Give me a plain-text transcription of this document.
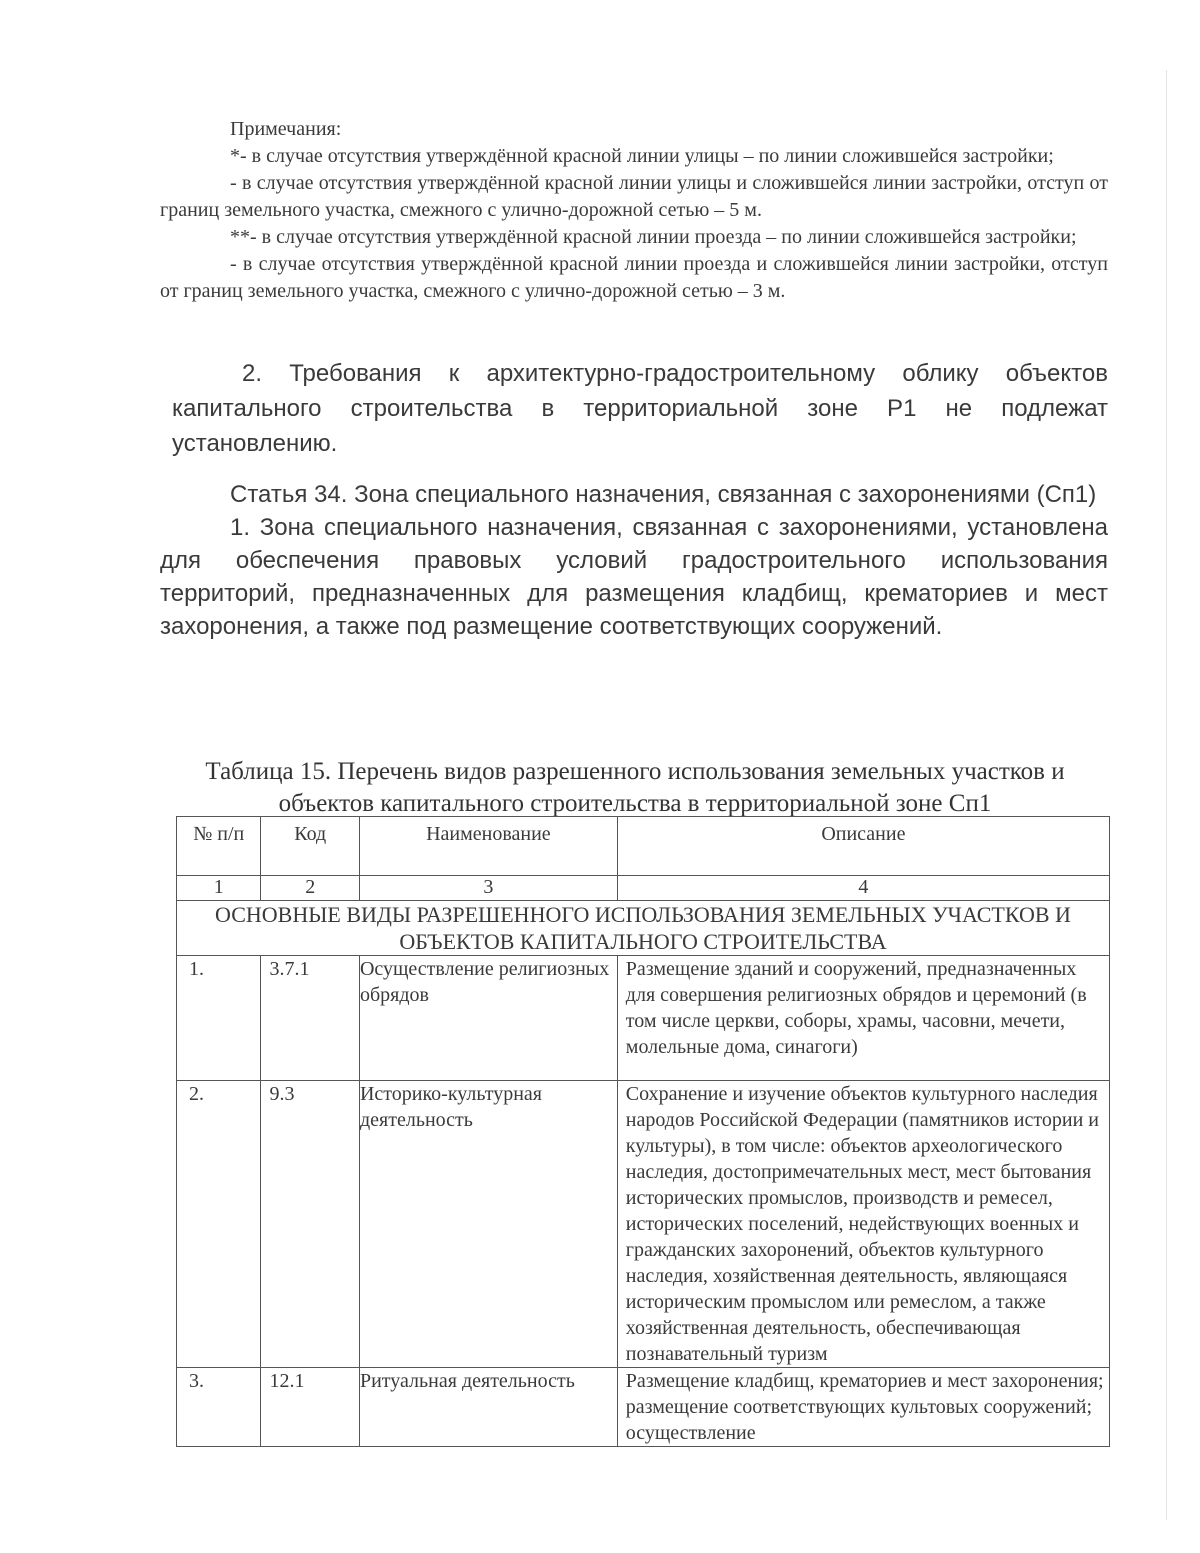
Примечания:

*- в случае отсутствия утверждённой красной линии улицы – по линии сложившейся застройки;

- в случае отсутствия утверждённой красной линии улицы и сложившейся линии застройки, отступ от границ земельного участка, смежного с улично-дорожной сетью – 5 м.

**- в случае отсутствия утверждённой красной линии проезда – по линии сложившейся застройки;

- в случае отсутствия утверждённой красной линии проезда и сложившейся линии застройки, отступ от границ земельного участка, смежного с улично-дорожной сетью – 3 м.

2. Требования к архитектурно-градостроительному облику объектов капитального строительства в территориальной зоне Р1 не подлежат установлению.

Статья 34. Зона специального назначения, связанная с захоронениями (Сп1)

1. Зона специального назначения, связанная с захоронениями, установлена для обеспечения правовых условий градостроительного использования территорий, предназначенных для размещения кладбищ, крематориев и мест захоронения, а также под размещение соответствующих сооружений.

Таблица 15. Перечень видов разрешенного использования земельных участков и объектов капитального строительства в территориальной зоне Сп1
№ п/п	Код	Наименование	Описание
1	2	3	4
ОСНОВНЫЕ ВИДЫ РАЗРЕШЕННОГО ИСПОЛЬЗОВАНИЯ ЗЕМЕЛЬНЫХ УЧАСТКОВ И ОБЪЕКТОВ КАПИТАЛЬНОГО СТРОИТЕЛЬСТВА			
1.	3.7.1	Осуществление религиозных обрядов	Размещение зданий и сооружений, предназначенных для совершения религиозных обрядов и церемоний (в том числе церкви, соборы, храмы, часовни, мечети, молельные дома, синагоги)
2.	9.3	Историко-культурная деятельность	Сохранение и изучение объектов культурного наследия народов Российской Федерации (памятников истории и культуры), в том числе: объектов археологического наследия, достопримечательных мест, мест бытования исторических промыслов, производств и ремесел, исторических поселений, недействующих военных и гражданских захоронений, объектов культурного наследия, хозяйственная деятельность, являющаяся историческим промыслом или ремеслом, а также хозяйственная деятельность, обеспечивающая познавательный туризм
3.	12.1	Ритуальная деятельность	Размещение кладбищ, крематориев и мест захоронения; размещение соответствующих культовых сооружений; осуществление
